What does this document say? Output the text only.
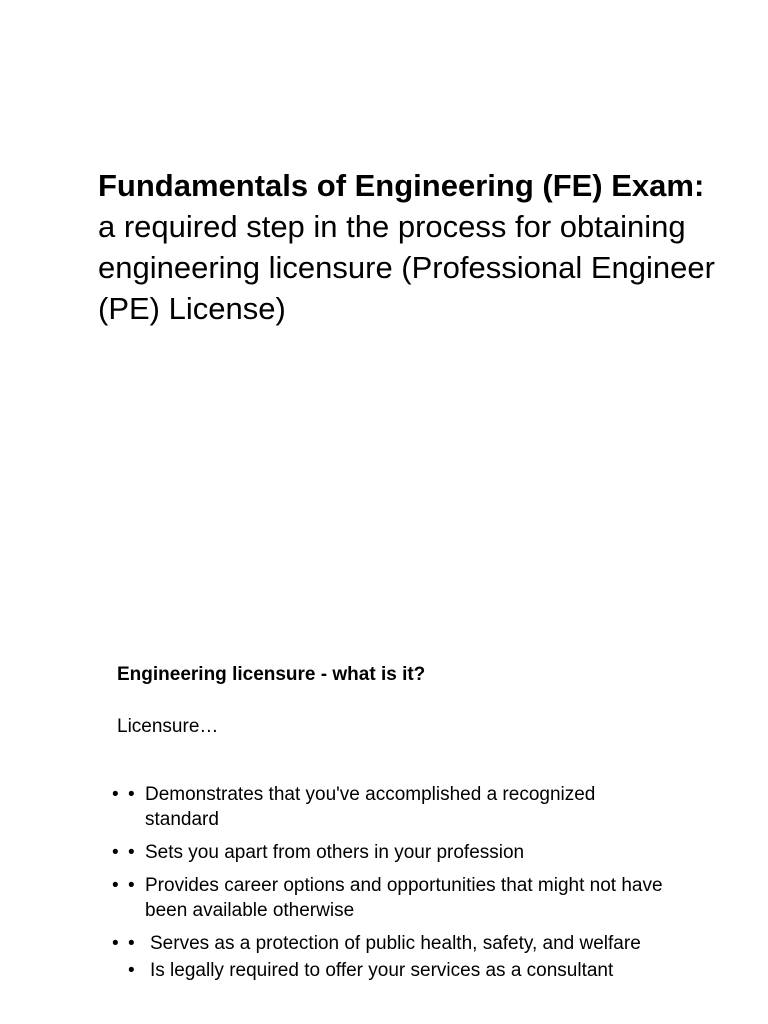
Fundamentals of Engineering (FE) Exam: a required step in the process for obtaining engineering licensure (Professional Engineer (PE) License)
Engineering licensure - what is it?
Licensure…
• • Demonstrates that you've accomplished a recognized standard
• • Sets you apart from others in your profession
• • Provides career options and opportunities that might not have been available otherwise
• • Serves as a protection of public health, safety, and welfare
• Is legally required to offer your services as a consultant
